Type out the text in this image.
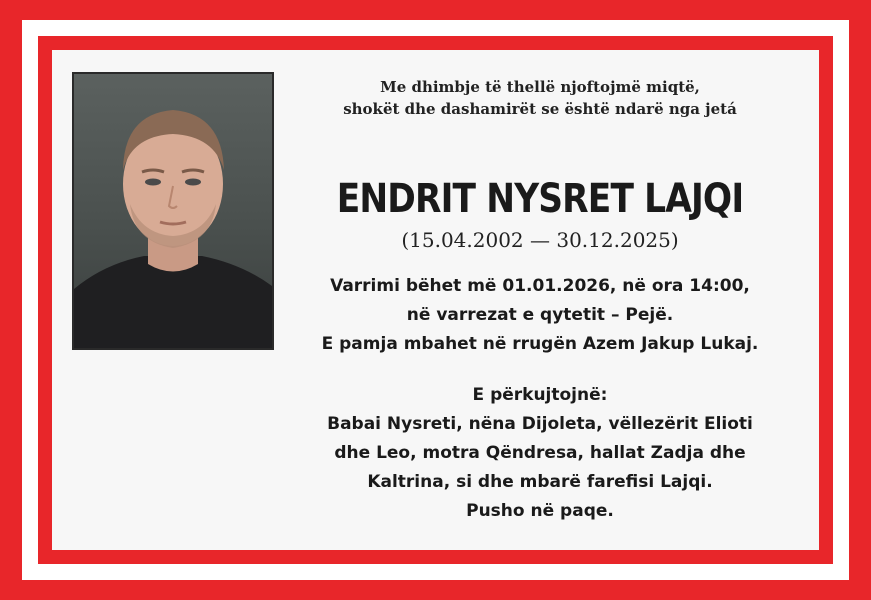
Me dhimbje të thellë njoftojmë miqtë,
shokët dhe dashamirët se është ndarë nga jetá
ENDRIT NYSRET LAJQI
(15.04.2002 — 30.12.2025)
Varrimi bëhet më 01.01.2026, në ora 14:00,
në varrezat e qytetit – Pejë.
E pamja mbahet në rrugën Azem Jakup Lukaj.
E përkujtojnë:
Babai Nysreti, nëna Dijoleta, vëllezërit Elioti
dhe Leo, motra Qëndresa, hallat Zadja dhe
Kaltrina, si dhe mbarë farefisi Lajqi.
Pusho në paqe.
